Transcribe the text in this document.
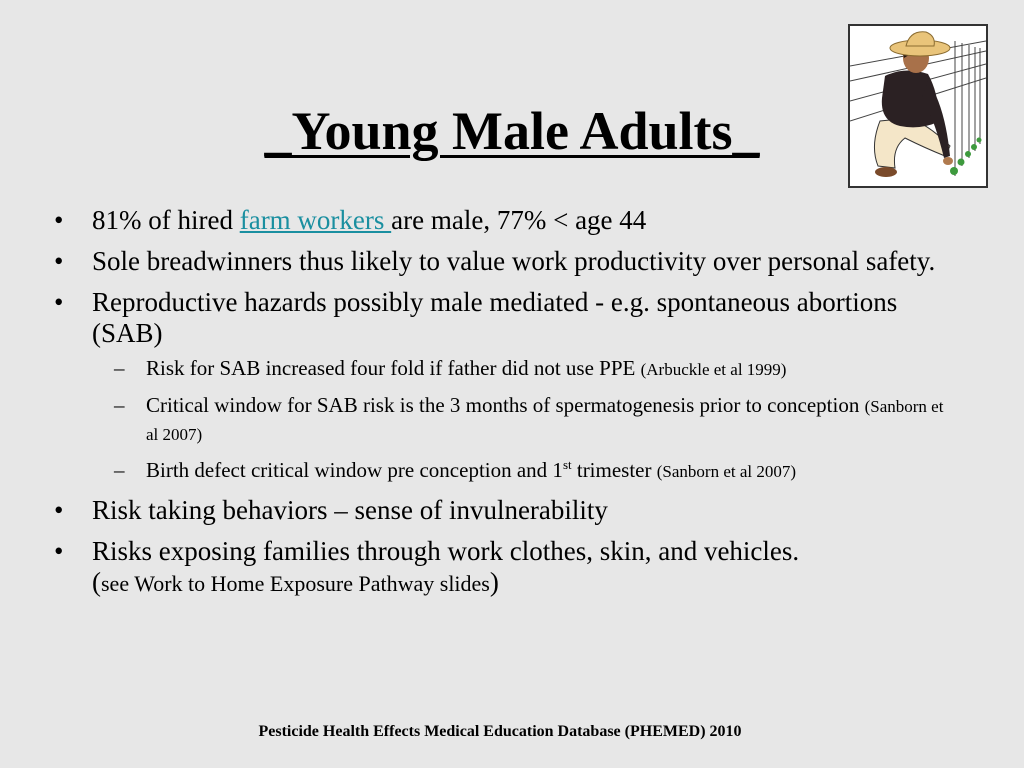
_Young Male Adults_
• 81% of hired farm workers are male, 77% < age 44
• Sole breadwinners thus likely to value work productivity over personal safety.
• Reproductive hazards possibly male mediated - e.g. spontaneous abortions (SAB)
– Risk for SAB increased four fold if father did not use PPE (Arbuckle et al 1999)
– Critical window for SAB risk is the 3 months of spermatogenesis prior to conception (Sanborn et al 2007)
– Birth defect critical window pre conception and 1st trimester (Sanborn et al 2007)
• Risk taking behaviors – sense of invulnerability
• Risks exposing families through work clothes, skin, and vehicles.
(see Work to Home Exposure Pathway slides)
Pesticide Health Effects Medical Education Database (PHEMED) 2010
